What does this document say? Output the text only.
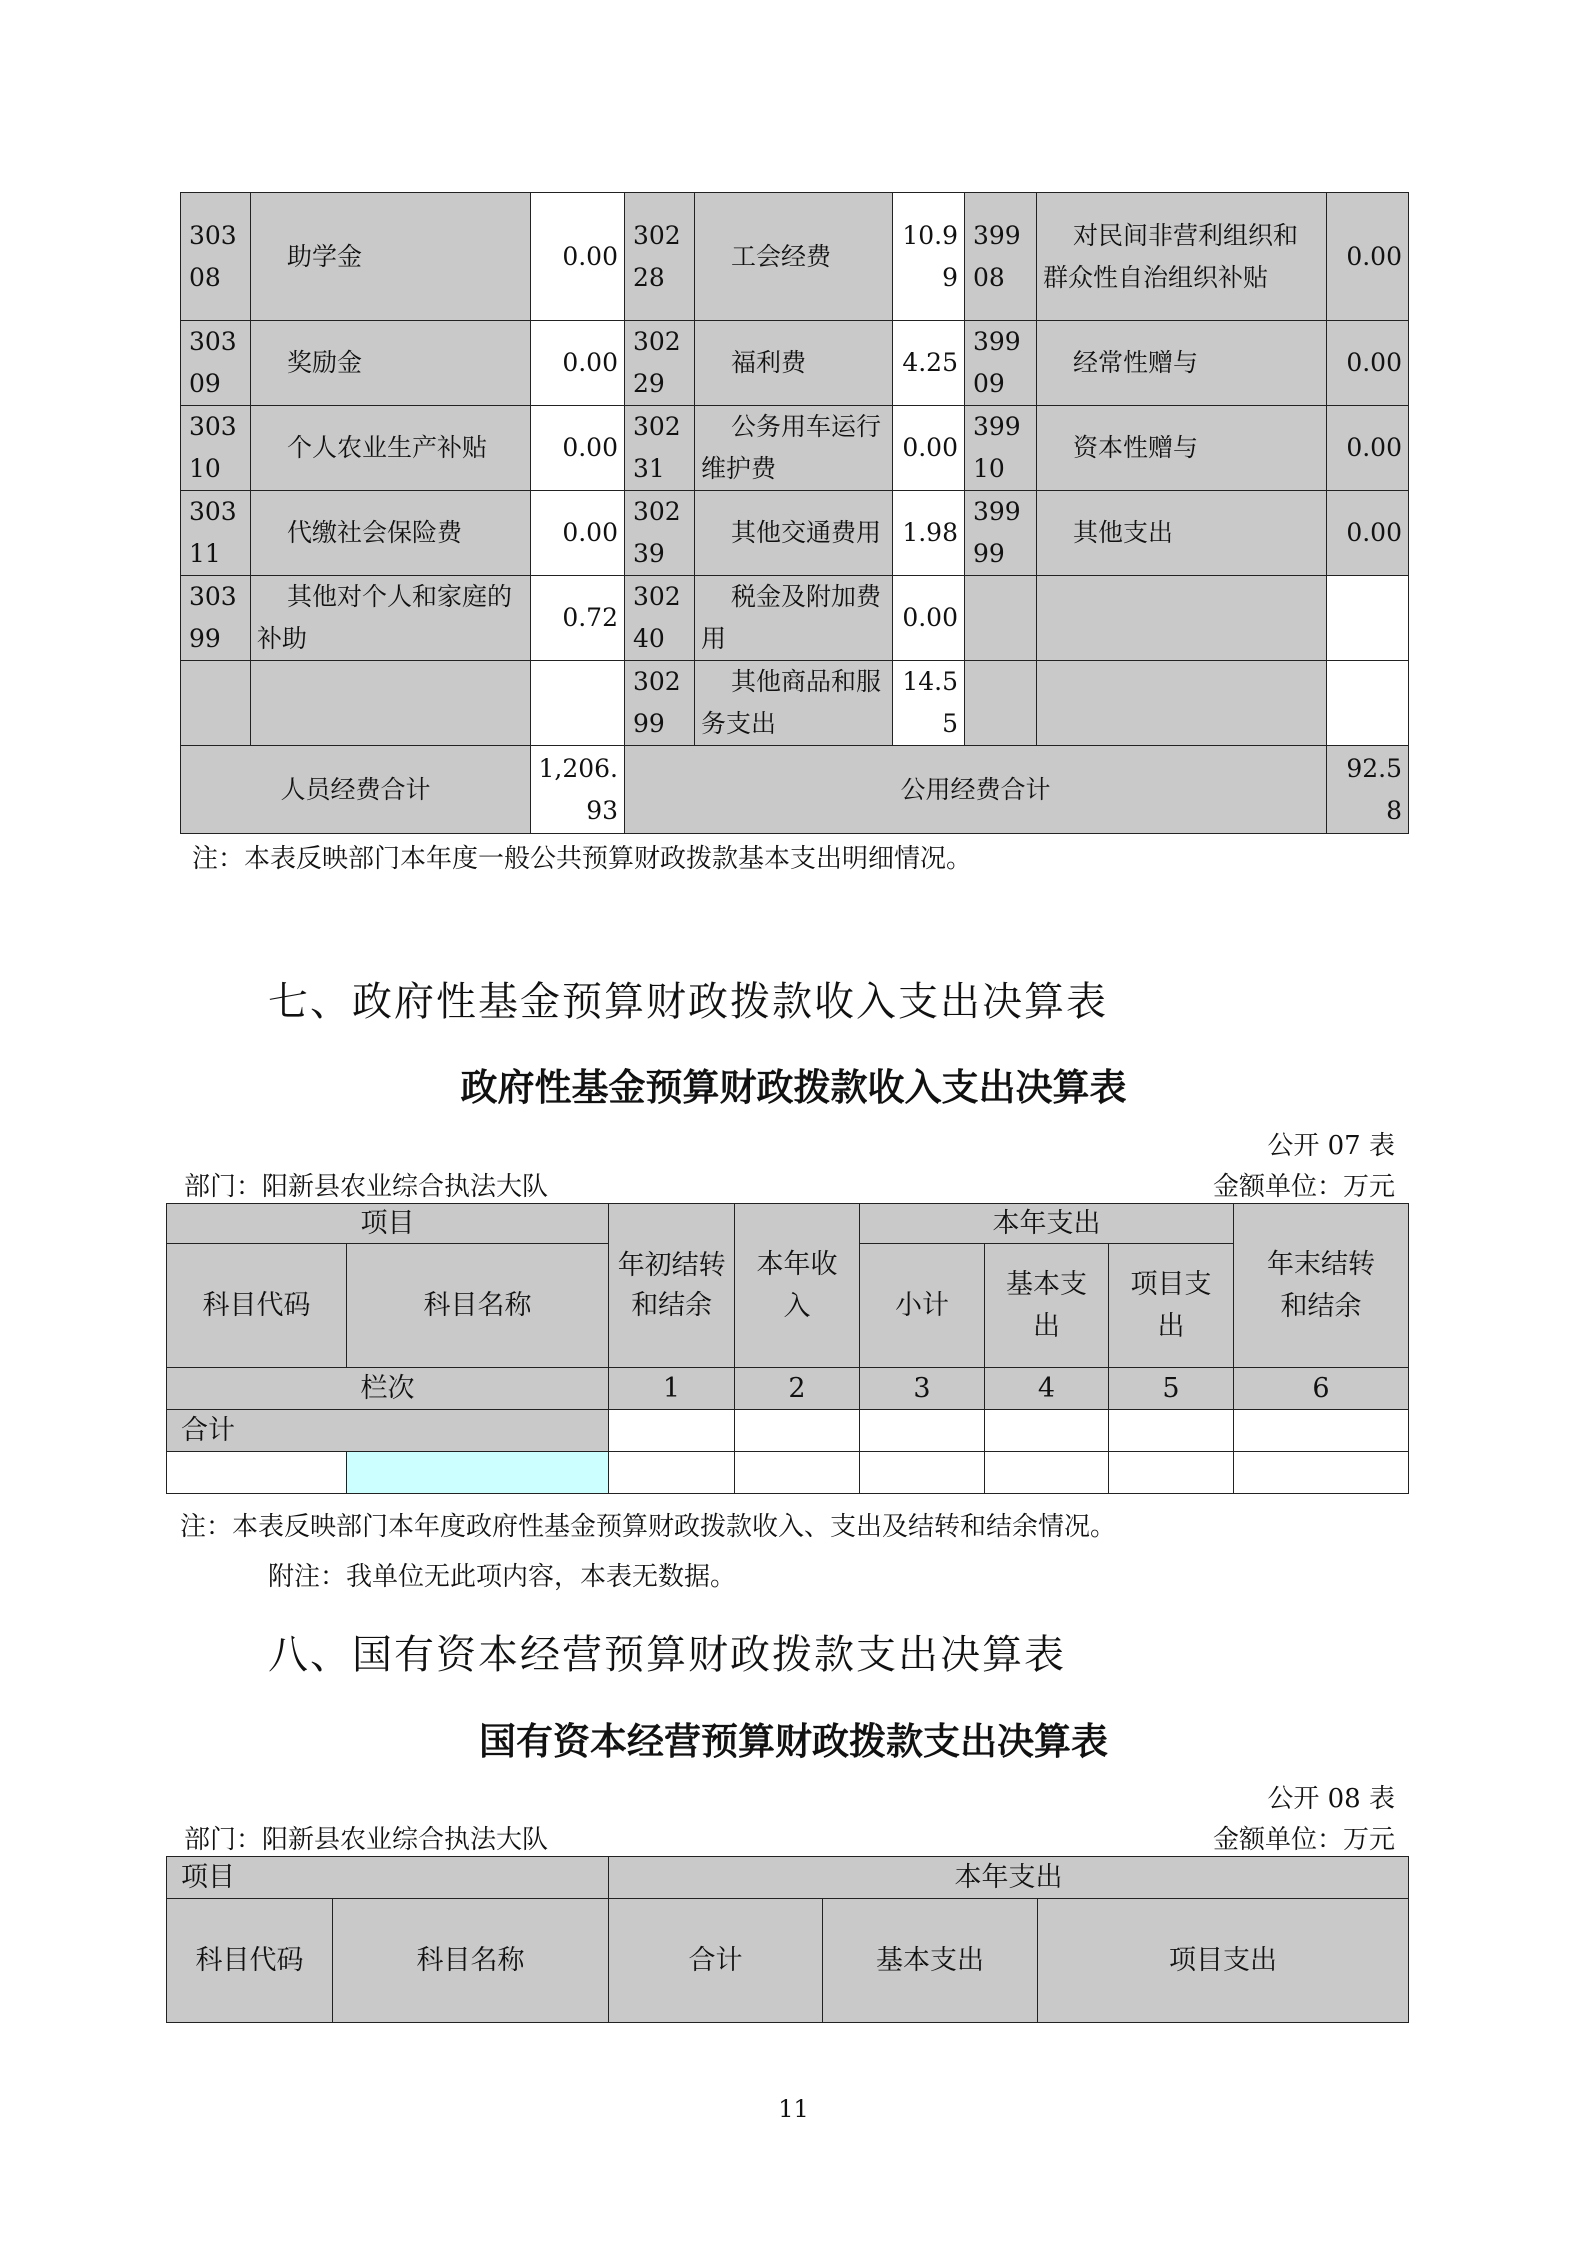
30308	助学金	0.00	30228	工会经费	10.99	39908	对民间非营利组织和群众性自治组织补贴	0.00
30309	奖励金	0.00	30229	福利费	4.25	39909	经常性赠与	0.00
30310	个人农业生产补贴	0.00	30231	公务用车运行维护费	0.00	39910	资本性赠与	0.00
30311	代缴社会保险费	0.00	30239	其他交通费用	1.98	39999	其他支出	0.00
30399	其他对个人和家庭的补助	0.72	30240	税金及附加费用	0.00			
			30299	其他商品和服务支出	14.55			
人员经费合计		1,206.93	公用经费合计					92.58
注：本表反映部门本年度一般公共预算财政拨款基本支出明细情况。
七、政府性基金预算财政拨款收入支出决算表
政府性基金预算财政拨款收入支出决算表
公开 07 表
部门：阳新县农业综合执法大队	金额单位：万元
项目		年初结转和结余	本年收入	本年支出			年末结转和结余
科目代码	科目名称			小计	基本支出	项目支出	
栏次		1	2	3	4	5	6
合计							

注：本表反映部门本年度政府性基金预算财政拨款收入、支出及结转和结余情况。
附注：我单位无此项内容，本表无数据。
八、国有资本经营预算财政拨款支出决算表
国有资本经营预算财政拨款支出决算表
公开 08 表
部门：阳新县农业综合执法大队	金额单位：万元
项目		本年支出		
科目代码	科目名称	合计	基本支出	项目支出
11
